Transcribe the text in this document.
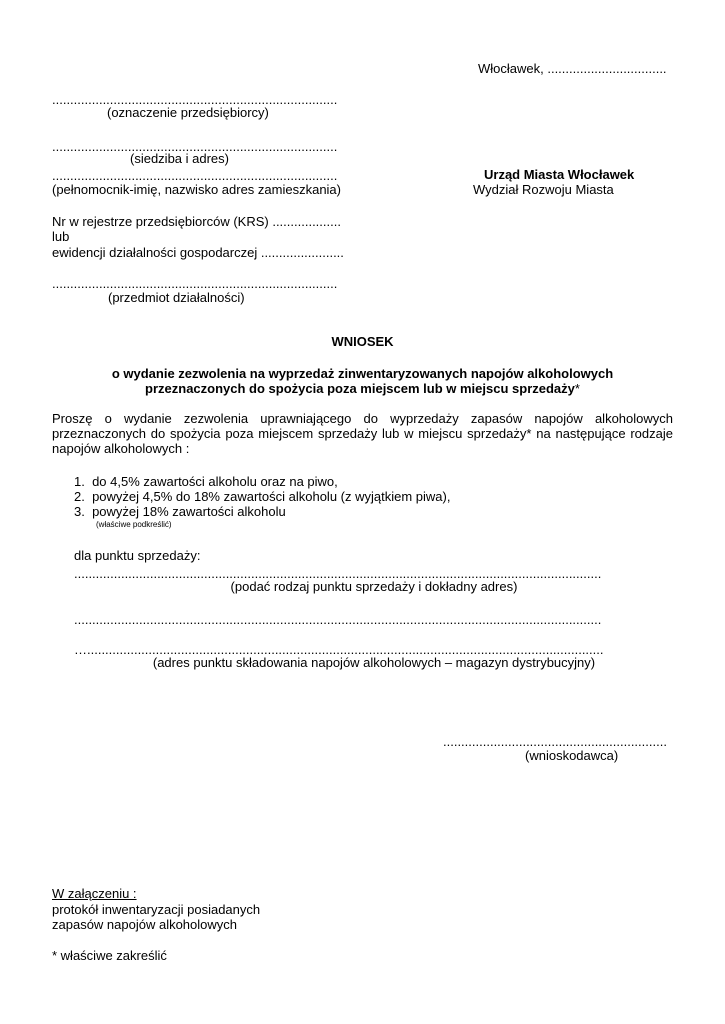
Włocławek, .................................
...............................................................................
(oznaczenie przedsiębiorcy)
...............................................................................
(siedziba i adres)
...............................................................................
(pełnomocnik-imię, nazwisko adres zamieszkania)
Urząd Miasta Włocławek
Wydział Rozwoju Miasta
Nr w rejestrze przedsiębiorców (KRS) ...................
lub
ewidencji działalności gospodarczej .......................
...............................................................................
(przedmiot działalności)
WNIOSEK
o wydanie zezwolenia na wyprzedaż zinwentaryzowanych napojów alkoholowych
przeznaczonych do spożycia poza miejscem lub w miejscu sprzedaży*
Proszę o wydanie zezwolenia uprawniającego do wyprzedaży zapasów napojów alkoholowych przeznaczonych do spożycia poza miejscem sprzedaży lub w miejscu sprzedaży* na następujące rodzaje napojów alkoholowych :
1. do 4,5% zawartości alkoholu oraz na piwo,
2. powyżej 4,5% do 18% zawartości alkoholu (z wyjątkiem piwa),
3. powyżej 18% zawartości alkoholu
(właściwe podkreślić)
dla punktu sprzedaży:
..................................................................................................................................................
(podać rodzaj punktu sprzedaży i dokładny adres)
..................................................................................................................................................
…...............................................................................................................................................
(adres punktu składowania napojów alkoholowych – magazyn dystrybucyjny)
..............................................................
(wnioskodawca)
W załączeniu :
protokół inwentaryzacji posiadanych
zapasów napojów alkoholowych
* właściwe zakreślić
